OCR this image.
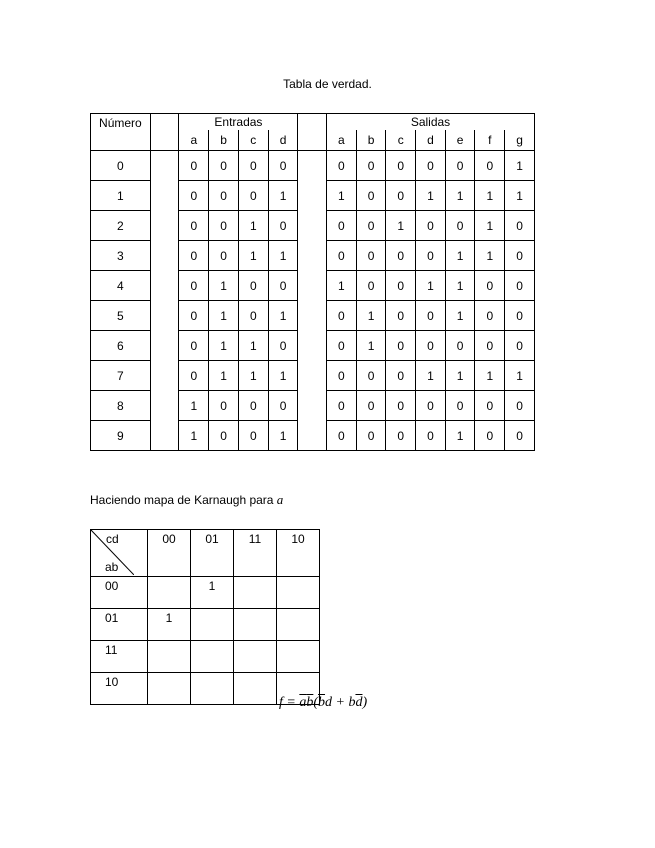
Tabla de verdad.
Número		Entradas					Salidas						
		a	b	c	d		a	b	c	d	e	f	g
0		0	0	0	0		0	0	0	0	0	0	1
1		0	0	0	1		1	0	0	1	1	1	1
2		0	0	1	0		0	0	1	0	0	1	0
3		0	0	1	1		0	0	0	0	1	1	0
4		0	1	0	0		1	0	0	1	1	0	0
5		0	1	0	1		0	1	0	0	1	0	0
6		0	1	1	0		0	1	0	0	0	0	0
7		0	1	1	1		0	0	0	1	1	1	1
8		1	0	0	0		0	0	0	0	0	0	0
9		1	0	0	1		0	0	0	0	1	0	0
Haciendo mapa de Karnaugh para a
cd
ab	00	01	11	10
00		1		
01	1			
11				
10				
$f = \overline{a}\overline{b}(\overline{b}d + b\overline{d})$
